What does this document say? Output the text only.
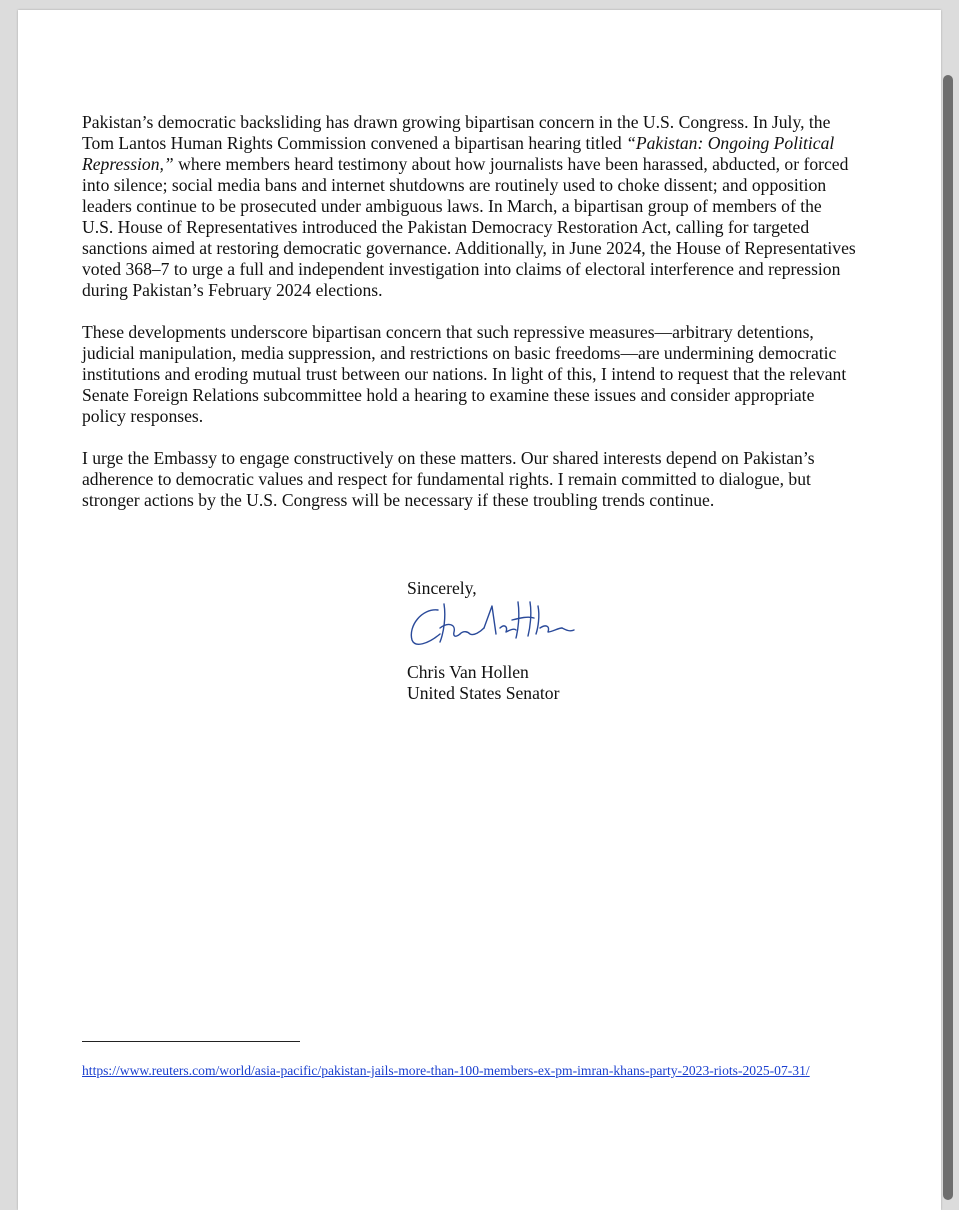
Pakistan’s democratic backsliding has drawn growing bipartisan concern in the U.S. Congress. In July, the Tom Lantos Human Rights Commission convened a bipartisan hearing titled “Pakistan: Ongoing Political Repression,” where members heard testimony about how journalists have been harassed, abducted, or forced into silence; social media bans and internet shutdowns are routinely used to choke dissent; and opposition leaders continue to be prosecuted under ambiguous laws. In March, a bipartisan group of members of the U.S. House of Representatives introduced the Pakistan Democracy Restoration Act, calling for targeted sanctions aimed at restoring democratic governance. Additionally, in June 2024, the House of Representatives voted 368–7 to urge a full and independent investigation into claims of electoral interference and repression during Pakistan’s February 2024 elections.

These developments underscore bipartisan concern that such repressive measures—arbitrary detentions, judicial manipulation, media suppression, and restrictions on basic freedoms—are undermining democratic institutions and eroding mutual trust between our nations. In light of this, I intend to request that the relevant Senate Foreign Relations subcommittee hold a hearing to examine these issues and consider appropriate policy responses.

I urge the Embassy to engage constructively on these matters. Our shared interests depend on Pakistan’s adherence to democratic values and respect for fundamental rights. I remain committed to dialogue, but stronger actions by the U.S. Congress will be necessary if these troubling trends continue.

Sincerely,
Chris Van Hollen
United States Senator
https://www.reuters.com/world/asia-pacific/pakistan-jails-more-than-100-members-ex-pm-imran-khans-party-2023-riots-2025-07-31/
